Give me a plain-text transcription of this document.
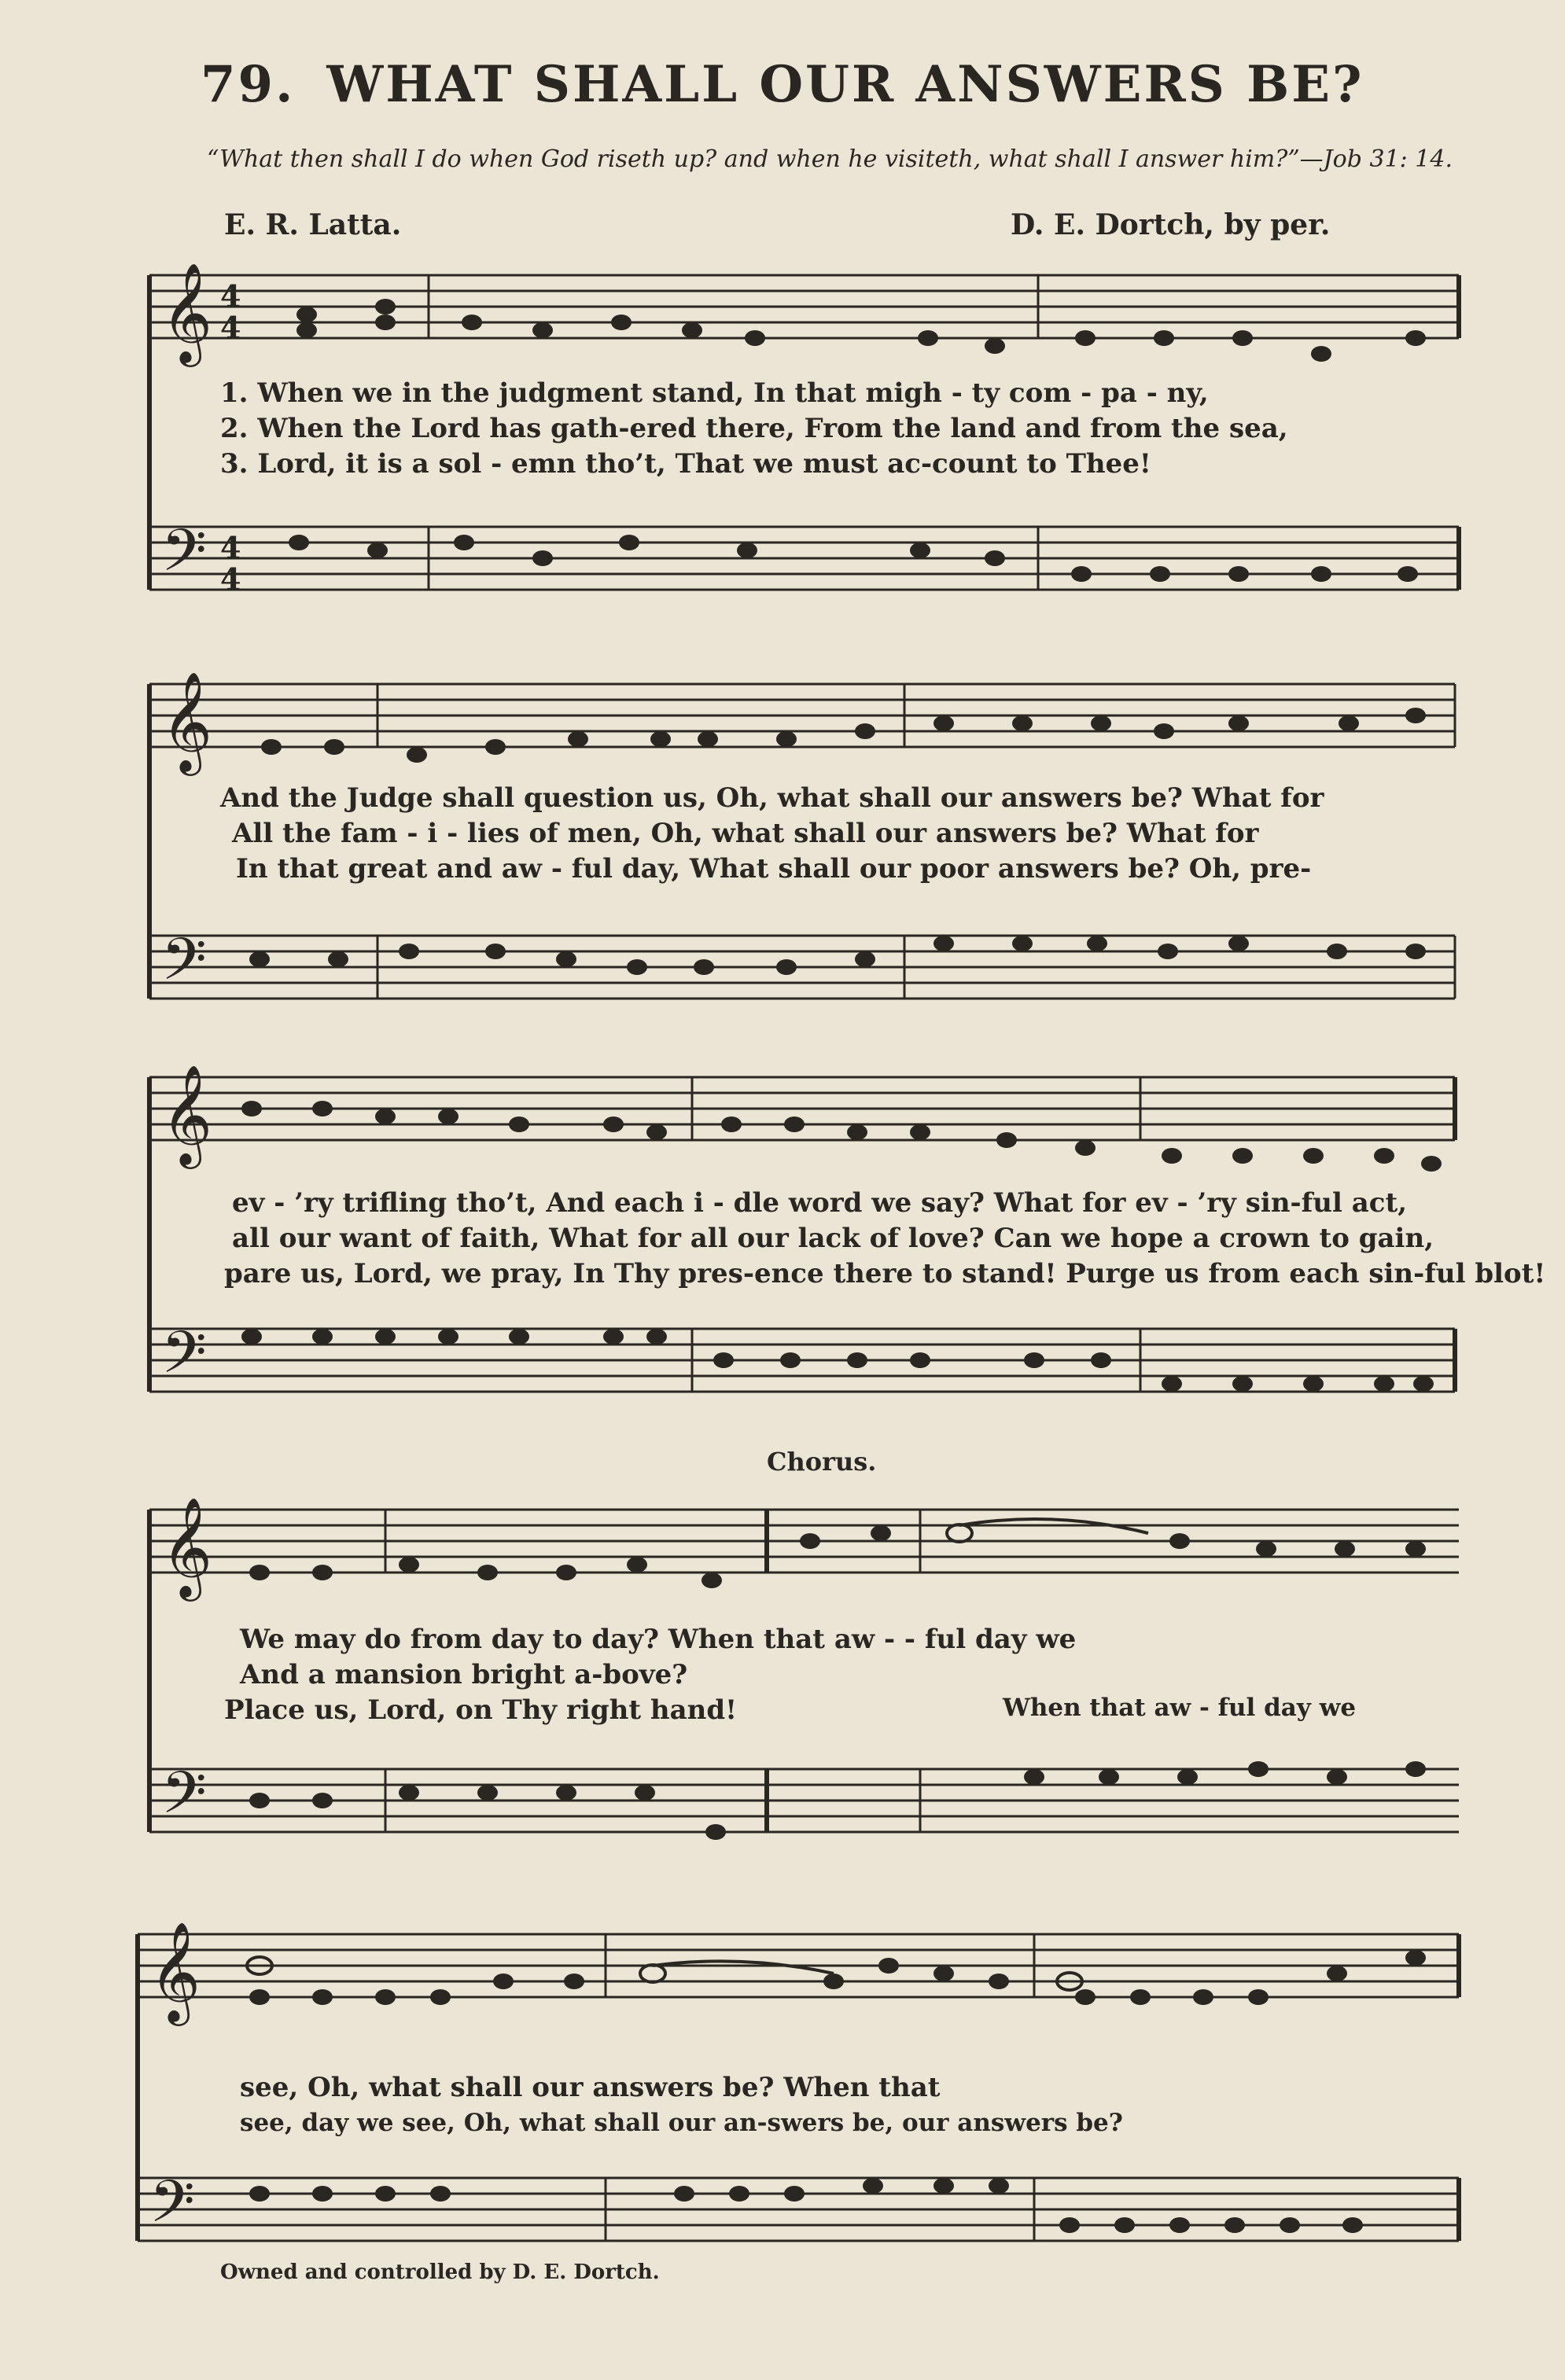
79. WHAT SHALL OUR ANSWERS BE?
“What then shall I do when God riseth up? and when he visiteth, what shall I answer him?”—Job 31: 14.
E. R. Latta.	D. E. Dortch, by per.
𝄞
𝄢
4
4
4
4
1. When we in the judgment stand, In that migh - ty com - pa - ny,
2. When the Lord has gath-ered there, From the land and from the sea,
3. Lord, it is a sol - emn tho’t, That we must ac-count to Thee!
𝄞
𝄢
And the Judge shall question us, Oh, what shall our answers be? What for
All the fam - i - lies of men, Oh, what shall our answers be? What for
In that great and aw - ful day, What shall our poor answers be? Oh, pre-
𝄞
𝄢
ev - ’ry trifling tho’t, And each i - dle word we say? What for ev - ’ry sin-ful act,
all our want of faith, What for all our lack of love? Can we hope a crown to gain,
pare us, Lord, we pray, In Thy pres-ence there to stand! Purge us from each sin-ful blot!
Chorus.
𝄞
𝄢
We may do from day to day? When that aw - - ful day we
And a mansion bright a-bove?
Place us, Lord, on Thy right hand!	When that aw - ful day we
𝄞
𝄢
see, Oh, what shall our answers be? When that
see, day we see, Oh, what shall our an-swers be, our answers be?
Owned and controlled by D. E. Dortch.
